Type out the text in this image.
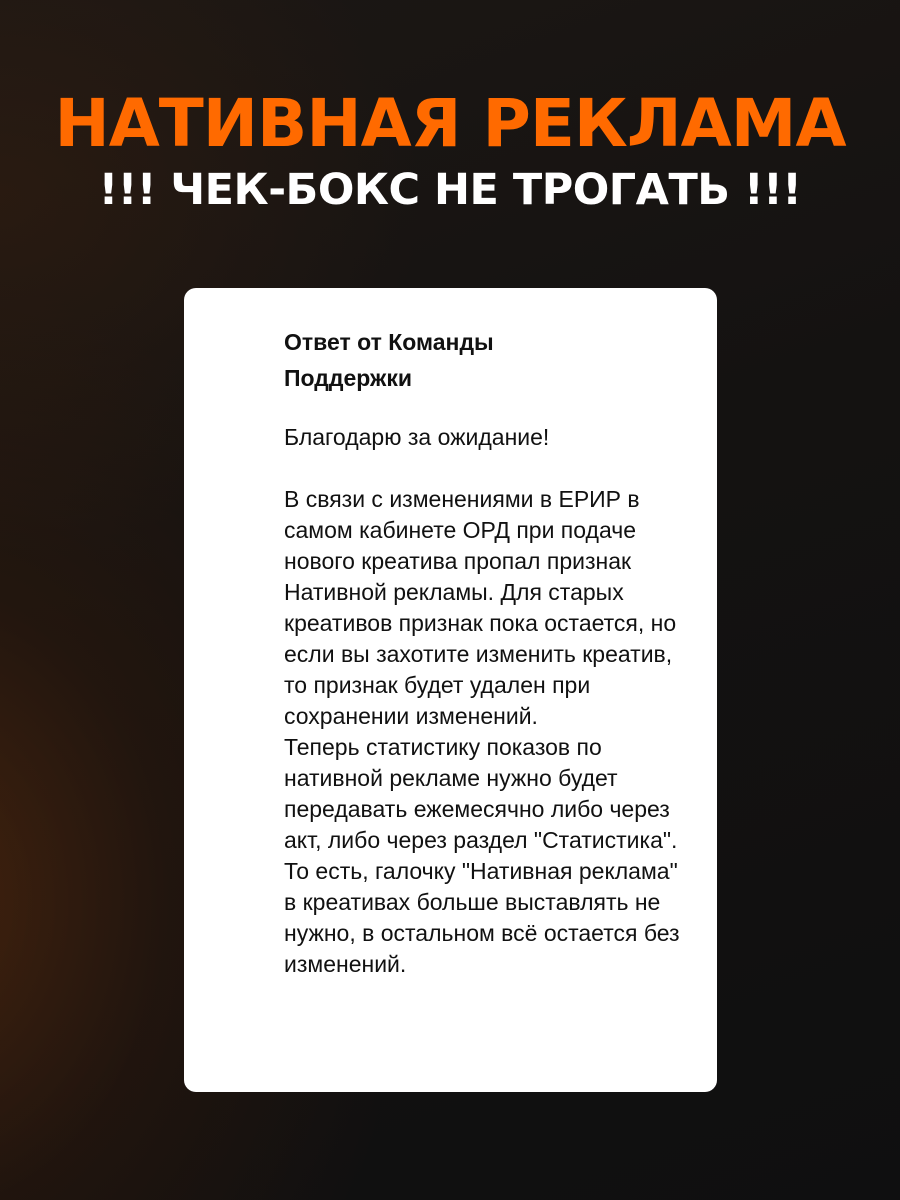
НАТИВНАЯ РЕКЛАМА
!!! ЧЕК-БОКС НЕ ТРОГАТЬ !!!
Ответ от Команды
Поддержки

Благодарю за ожидание!

В связи с изменениями в ЕРИР в самом кабинете ОРД при подаче нового креатива пропал признак Нативной рекламы. Для старых креативов признак пока остается, но если вы захотите изменить креатив, то признак будет удален при сохранении изменений.

Теперь статистику показов по нативной рекламе нужно будет передавать ежемесячно либо через акт, либо через раздел "Статистика". То есть, галочку "Нативная реклама" в креативах больше выставлять не нужно, в остальном всё остается без изменений.
